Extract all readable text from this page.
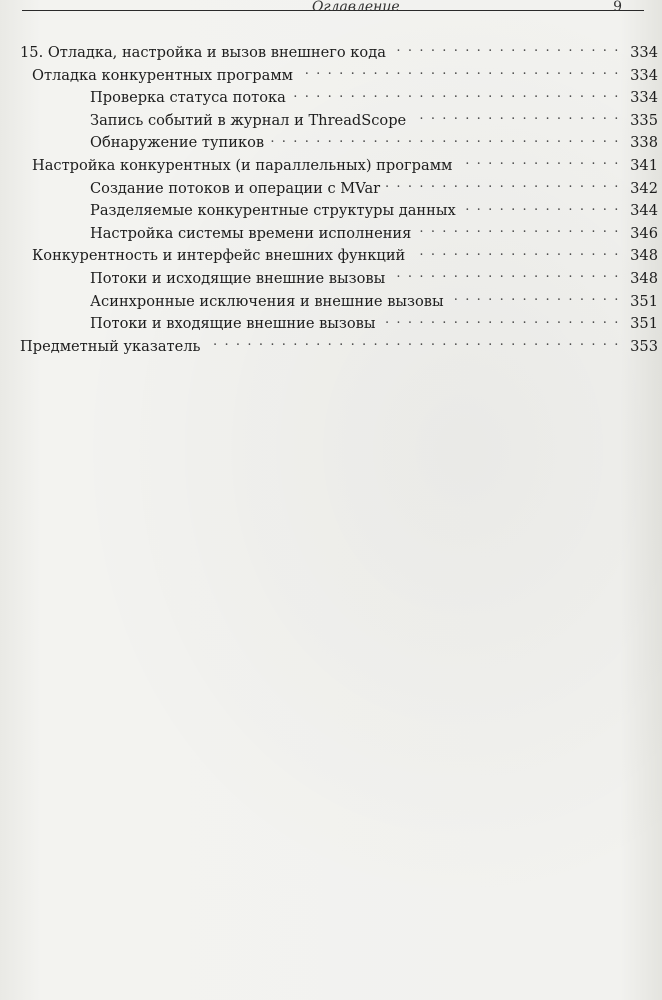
Оглавление	9
15. Отладка, настройка и вызов внешнего кода . . .	334
Отладка конкурентных программ . . .	334
Проверка статуса потока . . .	334
Запись событий в журнал и ThreadScope . . .	335
Обнаружение тупиков . . .	338
Настройка конкурентных (и параллельных) программ . . .	341
Создание потоков и операции с MVar . . .	342
Разделяемые конкурентные структуры данных . . .	344
Настройка системы времени исполнения . . .	346
Конкурентность и интерфейс внешних функций . . .	348
Потоки и исходящие внешние вызовы . . .	348
Асинхронные исключения и внешние вызовы . . .	351
Потоки и входящие внешние вызовы . . .	351
Предметный указатель . . .	353
